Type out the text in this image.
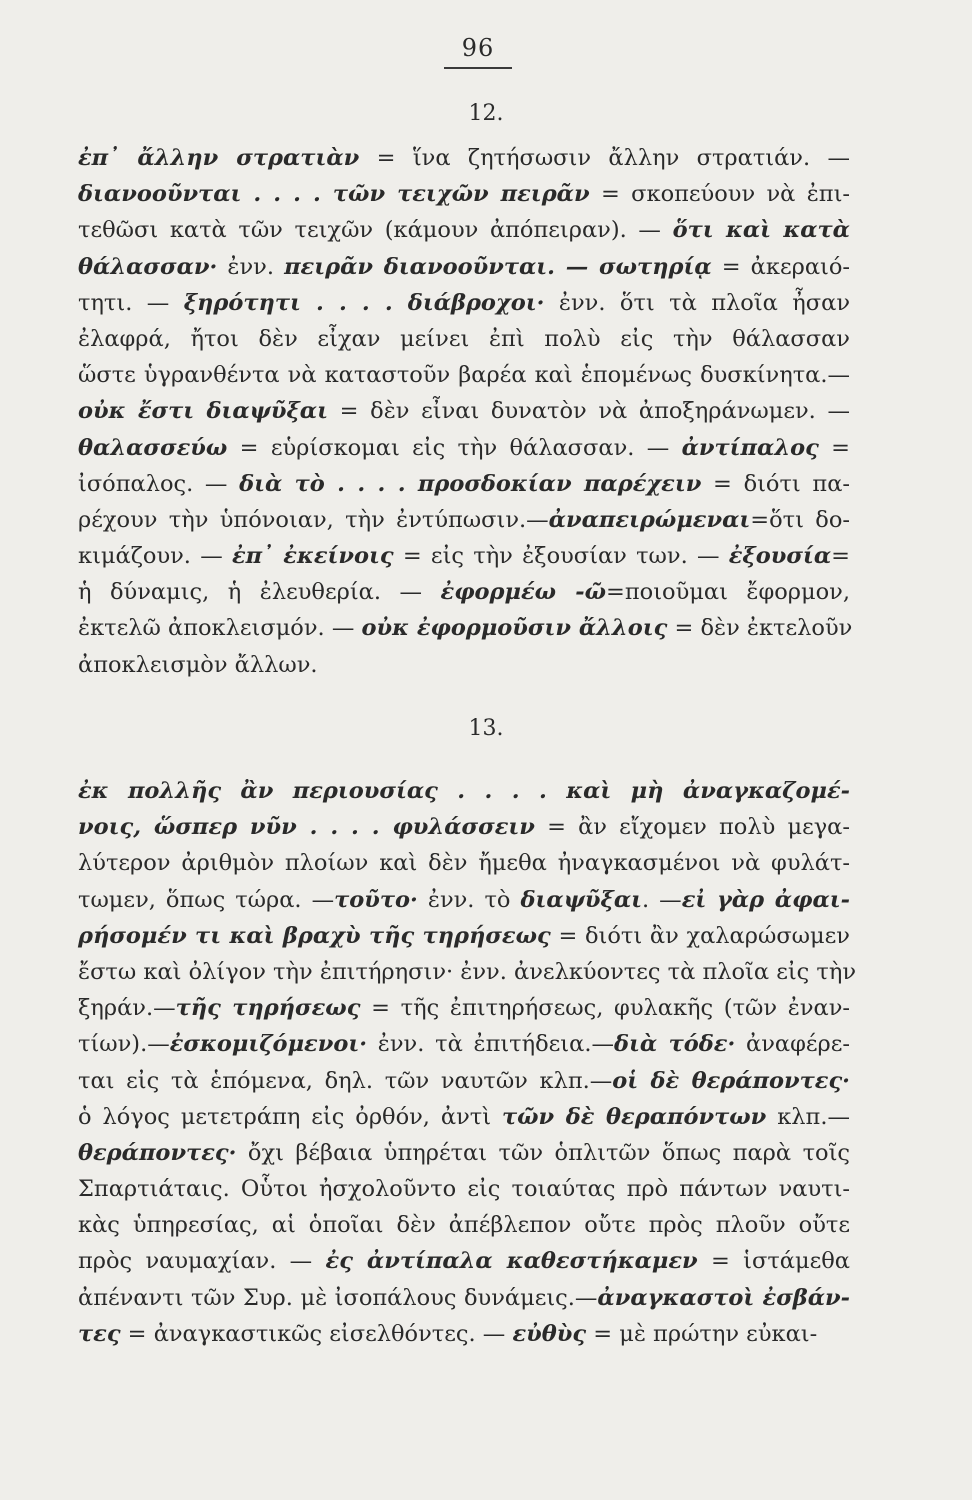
96
12.
ἐπ᾽ ἄλλην στρατιὰν = ἵνα ζητήσωσιν ἄλλην στρατιάν. —
διανοοῦνται . . . . τῶν τειχῶν πειρᾶν = σκοπεύουν νὰ ἐπι-
τεθῶσι κατὰ τῶν τειχῶν (κάμουν ἀπόπειραν). — ὅτι καὶ κατὰ
θάλασσαν· ἐνν. πειρᾶν διανοοῦνται. — σωτηρίᾳ = ἀκεραιό-
τητι. — ξηρότητι . . . . διάβροχοι· ἐνν. ὅτι τὰ πλοῖα ἦσαν
ἐλαφρά, ἤτοι δὲν εἶχαν μείνει ἐπὶ πολὺ εἰς τὴν θάλασσαν
ὥστε ὑγρανθέντα νὰ καταστοῦν βαρέα καὶ ἑπομένως δυσκίνητα.—
οὐκ ἔστι διαψῦξαι = δὲν εἶναι δυνατὸν νὰ ἀποξηράνωμεν. —
θαλασσεύω = εὑρίσκομαι εἰς τὴν θάλασσαν. — ἀντίπαλος =
ἰσόπαλος. — διὰ τὸ . . . . προσδοκίαν παρέχειν = διότι πα-
ρέχουν τὴν ὑπόνοιαν, τὴν ἐντύπωσιν.—ἀναπειρώμεναι=ὅτι δο-
κιμάζουν. — ἐπ᾽ ἐκείνοις = εἰς τὴν ἐξουσίαν των. — ἐξουσία=
ἡ δύναμις, ἡ ἐλευθερία. — ἐφορμέω -ῶ=ποιοῦμαι ἔφορμον,
ἐκτελῶ ἀποκλεισμόν. — οὐκ ἐφορμοῦσιν ἄλλοις = δὲν ἐκτελοῦν
ἀποκλεισμὸν ἄλλων.
13.
ἐκ πολλῆς ἂν περιουσίας . . . . καὶ μὴ ἀναγκαζομέ-
νοις, ὥσπερ νῦν . . . . φυλάσσειν = ἂν εἴχομεν πολὺ μεγα-
λύτερον ἀριθμὸν πλοίων καὶ δὲν ἤμεθα ἠναγκασμένοι νὰ φυλάτ-
τωμεν, ὅπως τώρα. —τοῦτο· ἐνν. τὸ διαψῦξαι. —εἰ γὰρ ἀφαι-
ρήσομέν τι καὶ βραχὺ τῆς τηρήσεως = διότι ἂν χαλαρώσωμεν
ἔστω καὶ ὀλίγον τὴν ἐπιτήρησιν· ἐνν. ἀνελκύοντες τὰ πλοῖα εἰς τὴν
ξηράν.—τῆς τηρήσεως = τῆς ἐπιτηρήσεως, φυλακῆς (τῶν ἐναν-
τίων).—ἐσκομιζόμενοι· ἐνν. τὰ ἐπιτήδεια.—διὰ τόδε· ἀναφέρε-
ται εἰς τὰ ἑπόμενα, δηλ. τῶν ναυτῶν κλπ.—οἱ δὲ θεράποντες·
ὁ λόγος μετετράπη εἰς ὀρθόν, ἀντὶ τῶν δὲ θεραπόντων κλπ.—
θεράποντες· ὄχι βέβαια ὑπηρέται τῶν ὁπλιτῶν ὅπως παρὰ τοῖς
Σπαρτιάταις. Οὗτοι ἠσχολοῦντο εἰς τοιαύτας πρὸ πάντων ναυτι-
κὰς ὑπηρεσίας, αἱ ὁποῖαι δὲν ἀπέβλεπον οὔτε πρὸς πλοῦν οὔτε
πρὸς ναυμαχίαν. — ἐς ἀντίπαλα καθεστήκαμεν = ἱστάμεθα
ἀπέναντι τῶν Συρ. μὲ ἰσοπάλους δυνάμεις.—ἀναγκαστοὶ ἐσβάν-
τες = ἀναγκαστικῶς εἰσελθόντες. — εὐθὺς = μὲ πρώτην εὐκαι-
